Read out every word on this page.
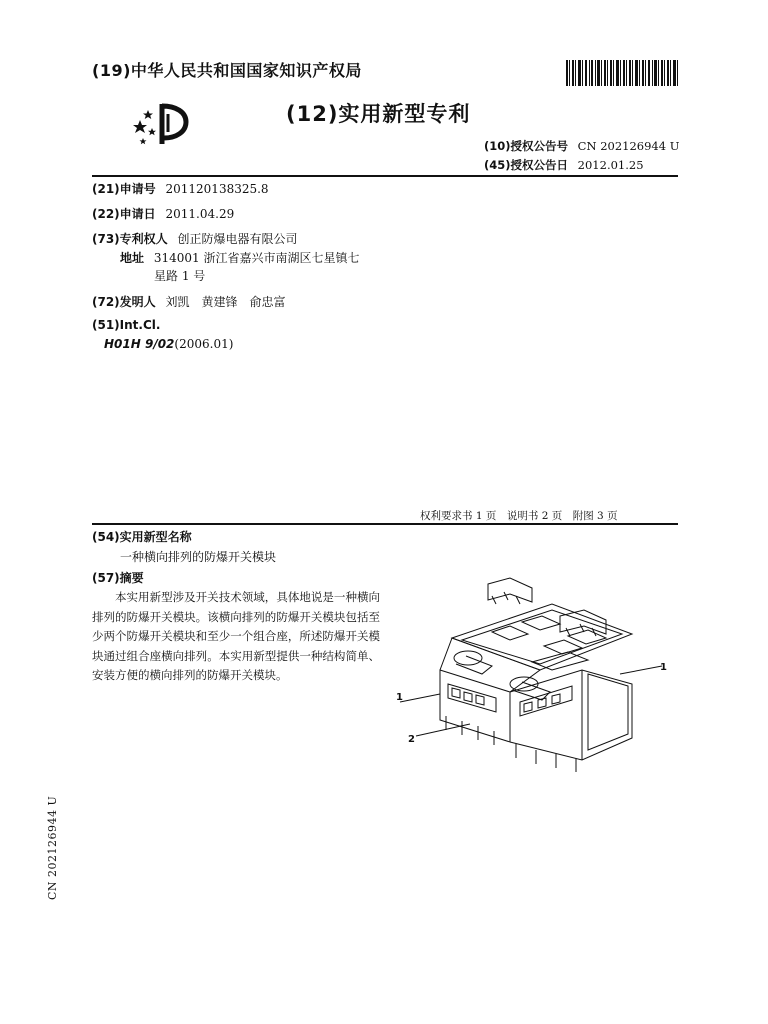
(19)中华人民共和国国家知识产权局
(12)实用新型专利
(10)授权公告号 CN 202126944 U
(45)授权公告日 2012.01.25
(21)申请号 201120138325.8
(22)申请日 2011.04.29
(73)专利权人 创正防爆电器有限公司
地址 314001 浙江省嘉兴市南湖区七星镇七
星路 1 号
(72)发明人 刘凯　黄建锋　俞忠富
(51)Int.Cl.
H01H 9/02(2006.01)
权利要求书 1 页　说明书 2 页　附图 3 页
(54)实用新型名称
一种横向排列的防爆开关模块
(57)摘要

本实用新型涉及开关技术领域，具体地说是一种横向排列的防爆开关模块。该横向排列的防爆开关模块包括至少两个防爆开关模块和至少一个组合座，所述防爆开关模块通过组合座横向排列。本实用新型提供一种结构简单、安装方便的横向排列的防爆开关模块。

1
1
2
CN 202126944 U
